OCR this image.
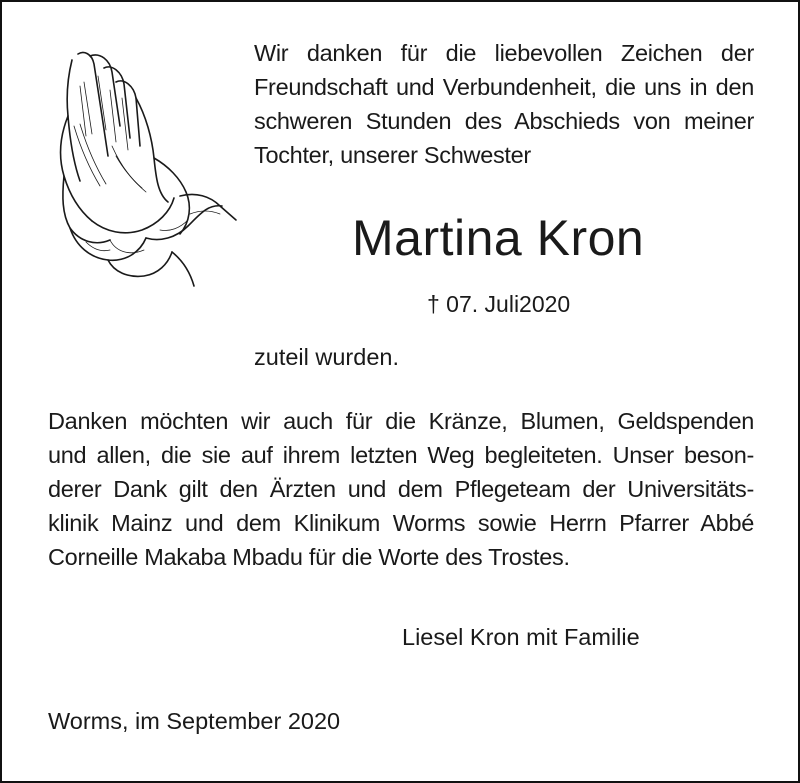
Wir danken für die liebevollen Zeichen der
Freundschaft und Verbundenheit, die uns in den
schweren Stunden des Abschieds von meiner
Tochter, unserer Schwester
Martina Kron
† 07. Juli2020
zuteil wurden.
Danken möchten wir auch für die Kränze, Blumen, Geldspenden
und allen, die sie auf ihrem letzten Weg begleiteten. Unser beson-
derer Dank gilt den Ärzten und dem Pflegeteam der Universitäts-
klinik Mainz und dem Klinikum Worms sowie Herrn Pfarrer Abbé
Corneille Makaba Mbadu für die Worte des Trostes.
Liesel Kron mit Familie
Worms, im September 2020
